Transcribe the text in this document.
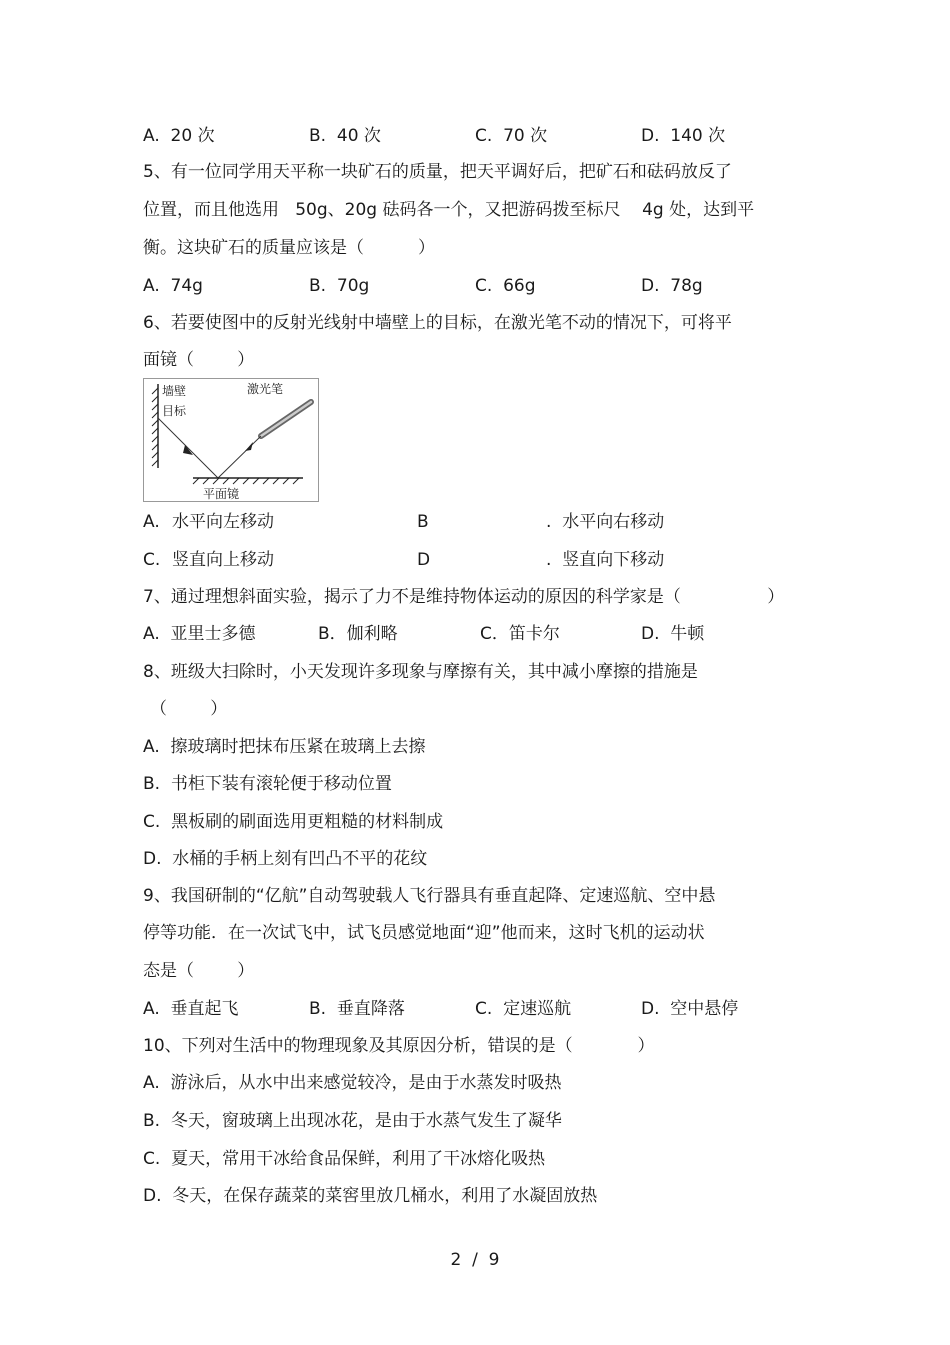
A.  20 次	B.  40 次	C.  70 次	D.  140 次
5、有一位同学用天平称一块矿石的质量，把天平调好后，把矿石和砝码放反了
位置，而且他选用   50g、20g 砝码各一个，又把游码拨至标尺    4g 处，达到平
衡。这块矿石的质量应该是（          ）
A.  74g	B.  70g	C.  66g	D.  78g
6、若要使图中的反射光线射中墙壁上的目标，在激光笔不动的情况下，可将平
面镜（        ）
墙壁
目标
激光笔
平面镜
A. 水平向左移动	B	.  水平向右移动
C. 竖直向上移动	D	.  竖直向下移动
7、通过理想斜面实验，揭示了力不是维持物体运动的原因的科学家是（                ）
A.  亚里士多德	B．伽利略	C．笛卡尔	D.  牛顿
8、班级大扫除时，小天发现许多现象与摩擦有关，其中减小摩擦的措施是
（        ）
A.  擦玻璃时把抹布压紧在玻璃上去擦
B.  书柜下装有滚轮便于移动位置
C.  黑板刷的刷面选用更粗糙的材料制成
D.  水桶的手柄上刻有凹凸不平的花纹
9、我国研制的“亿航”自动驾驶载人飞行器具有垂直起降、定速巡航、空中悬
停等功能．在一次试飞中，试飞员感觉地面“迎”他而来，这时飞机的运动状
态是（        ）
A.  垂直起飞	B.  垂直降落	C.  定速巡航	D.  空中悬停
10、下列对生活中的物理现象及其原因分析，错误的是（            ）
A.  游泳后，从水中出来感觉较冷，是由于水蒸发时吸热
B.  冬天，窗玻璃上出现冰花，是由于水蒸气发生了凝华
C.  夏天，常用干冰给食品保鲜，利用了干冰熔化吸热
D.  冬天，在保存蔬菜的菜窖里放几桶水，利用了水凝固放热
2  /  9
